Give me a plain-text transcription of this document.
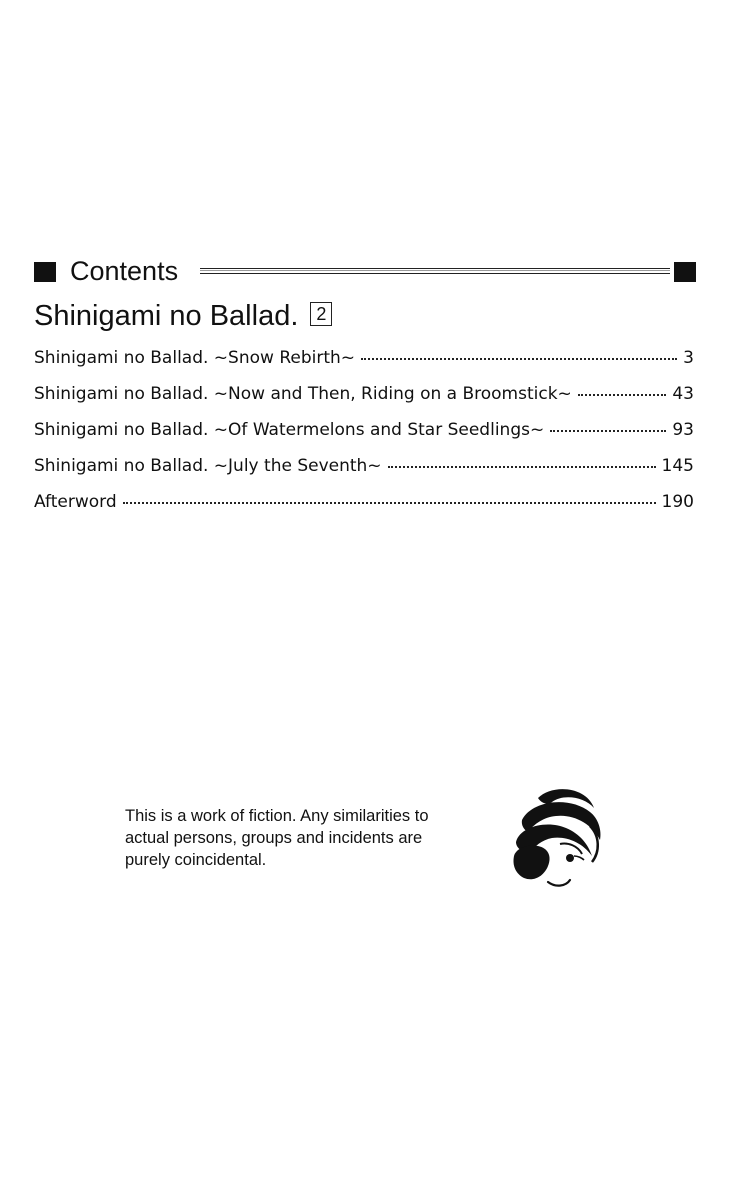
Contents
Shinigami no Ballad. 2
Shinigami no Ballad. ~Snow Rebirth~	3
Shinigami no Ballad. ~Now and Then, Riding on a Broomstick~	43
Shinigami no Ballad. ~Of Watermelons and Star Seedlings~	93
Shinigami no Ballad. ~July the Seventh~	145
Afterword	190
This is a work of fiction. Any similarities to
actual persons, groups and incidents are
purely coincidental.
